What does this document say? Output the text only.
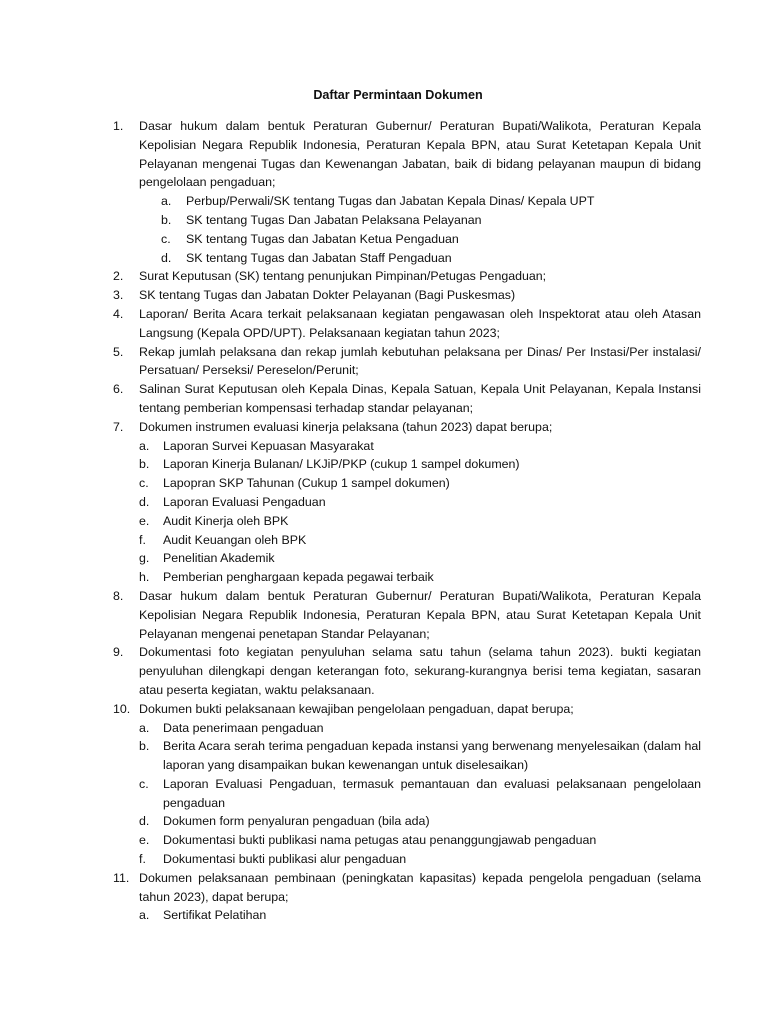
Daftar Permintaan Dokumen
1. Dasar hukum dalam bentuk Peraturan Gubernur/ Peraturan Bupati/Walikota, Peraturan Kepala Kepolisian Negara Republik Indonesia, Peraturan Kepala BPN, atau Surat Ketetapan Kepala Unit Pelayanan mengenai Tugas dan Kewenangan Jabatan, baik di bidang pelayanan maupun di bidang pengelolaan pengaduan;
a. Perbup/Perwali/SK tentang Tugas dan Jabatan Kepala Dinas/ Kepala UPT
b. SK tentang Tugas Dan Jabatan Pelaksana Pelayanan
c. SK tentang Tugas dan Jabatan Ketua Pengaduan
d. SK tentang Tugas dan Jabatan Staff Pengaduan
2. Surat Keputusan (SK) tentang penunjukan Pimpinan/Petugas Pengaduan;
3. SK tentang Tugas dan Jabatan Dokter Pelayanan (Bagi Puskesmas)
4. Laporan/ Berita Acara terkait pelaksanaan kegiatan pengawasan oleh Inspektorat atau oleh Atasan Langsung (Kepala OPD/UPT). Pelaksanaan kegiatan tahun 2023;
5. Rekap jumlah pelaksana dan rekap jumlah kebutuhan pelaksana per Dinas/ Per Instasi/Per instalasi/ Persatuan/ Perseksi/ Pereselon/Perunit;
6. Salinan Surat Keputusan oleh Kepala Dinas, Kepala Satuan, Kepala Unit Pelayanan, Kepala Instansi tentang pemberian kompensasi terhadap standar pelayanan;
7. Dokumen instrumen evaluasi kinerja pelaksana (tahun 2023) dapat berupa;
a. Laporan Survei Kepuasan Masyarakat
b. Laporan Kinerja Bulanan/ LKJiP/PKP (cukup 1 sampel dokumen)
c. Lapopran SKP Tahunan (Cukup 1 sampel dokumen)
d. Laporan Evaluasi Pengaduan
e. Audit Kinerja oleh BPK
f. Audit Keuangan oleh BPK
g. Penelitian Akademik
h. Pemberian penghargaan kepada pegawai terbaik
8. Dasar hukum dalam bentuk Peraturan Gubernur/ Peraturan Bupati/Walikota, Peraturan Kepala Kepolisian Negara Republik Indonesia, Peraturan Kepala BPN, atau Surat Ketetapan Kepala Unit Pelayanan mengenai penetapan Standar Pelayanan;
9. Dokumentasi foto kegiatan penyuluhan selama satu tahun (selama tahun 2023). bukti kegiatan penyuluhan dilengkapi dengan keterangan foto, sekurang-kurangnya berisi tema kegiatan, sasaran atau peserta kegiatan, waktu pelaksanaan.
10. Dokumen bukti pelaksanaan kewajiban pengelolaan pengaduan, dapat berupa;
a. Data penerimaan pengaduan
b. Berita Acara serah terima pengaduan kepada instansi yang berwenang menyelesaikan (dalam hal laporan yang disampaikan bukan kewenangan untuk diselesaikan)
c. Laporan Evaluasi Pengaduan, termasuk pemantauan dan evaluasi pelaksanaan pengelolaan pengaduan
d. Dokumen form penyaluran pengaduan (bila ada)
e. Dokumentasi bukti publikasi nama petugas atau penanggungjawab pengaduan
f. Dokumentasi bukti publikasi alur pengaduan
11. Dokumen pelaksanaan pembinaan (peningkatan kapasitas) kepada pengelola pengaduan (selama tahun 2023), dapat berupa;
a. Sertifikat Pelatihan
